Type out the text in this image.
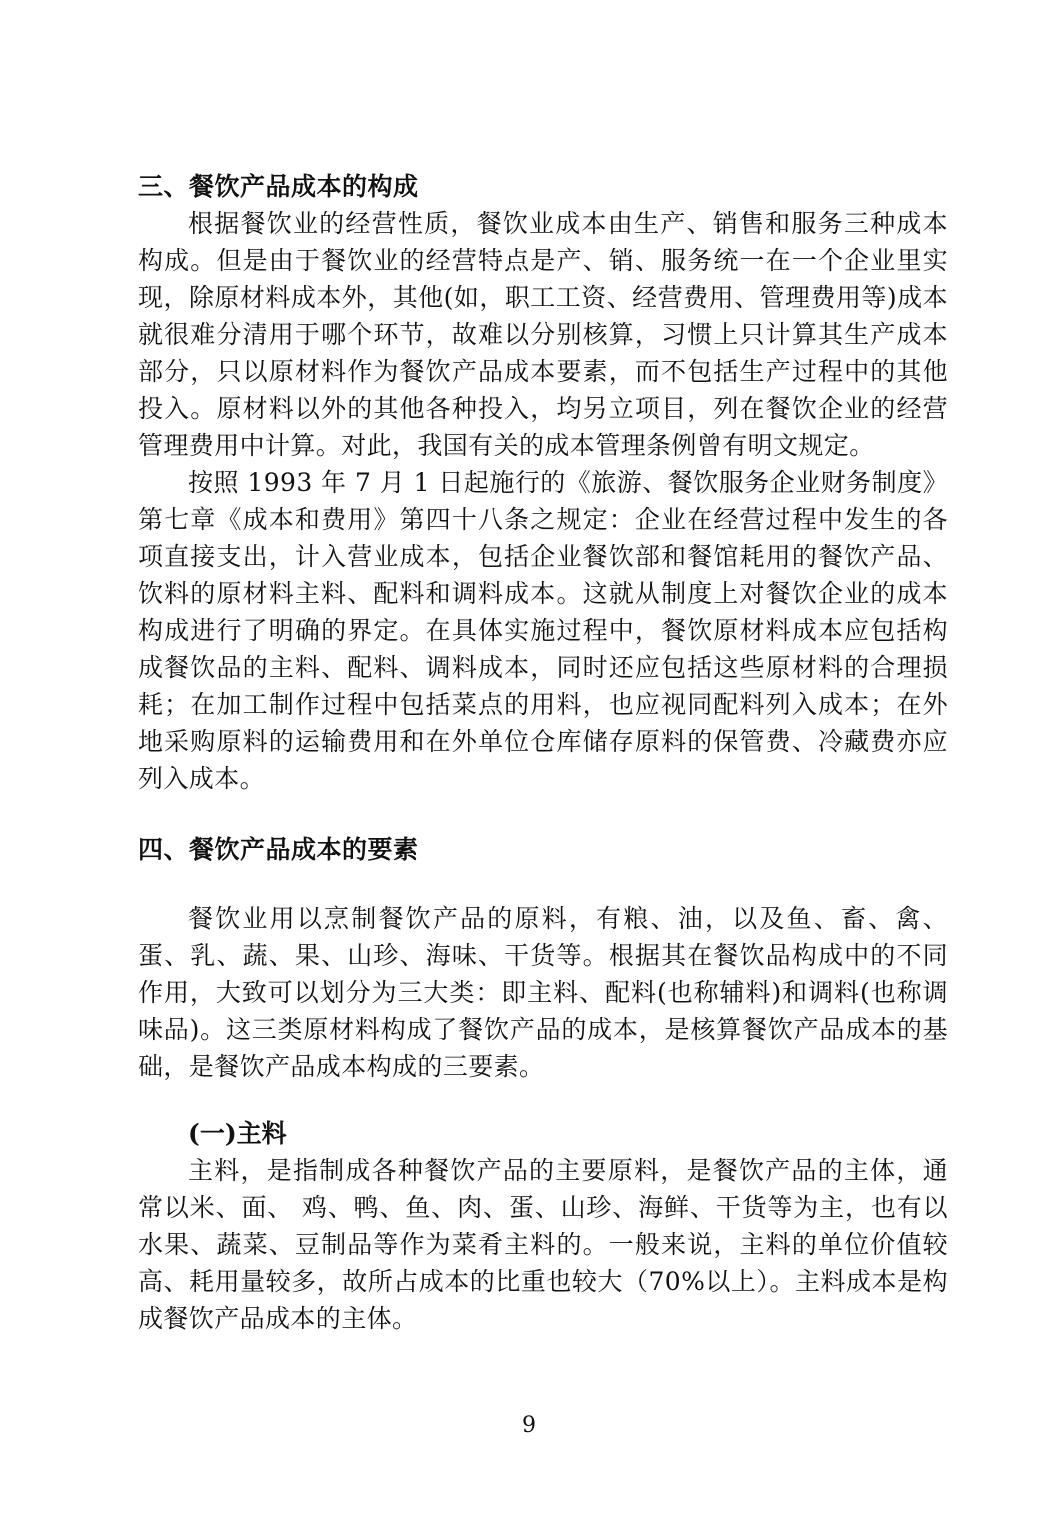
三、餐饮产品成本的构成

根据餐饮业的经营性质，餐饮业成本由生产、销售和服务三种成本构成。但是由于餐饮业的经营特点是产、销、服务统一在一个企业里实现，除原材料成本外，其他(如，职工工资、经营费用、管理费用等)成本就很难分清用于哪个环节，故难以分别核算，习惯上只计算其生产成本部分，只以原材料作为餐饮产品成本要素，而不包括生产过程中的其他投入。原材料以外的其他各种投入，均另立项目，列在餐饮企业的经营管理费用中计算。对此，我国有关的成本管理条例曾有明文规定。

按照 1993 年 7 月 1 日起施行的《旅游、餐饮服务企业财务制度》第七章《成本和费用》第四十八条之规定：企业在经营过程中发生的各项直接支出，计入营业成本，包括企业餐饮部和餐馆耗用的餐饮产品、饮料的原材料主料、配料和调料成本。这就从制度上对餐饮企业的成本构成进行了明确的界定。在具体实施过程中，餐饮原材料成本应包括构成餐饮品的主料、配料、调料成本，同时还应包括这些原材料的合理损耗；在加工制作过程中包括菜点的用料，也应视同配料列入成本；在外地采购原料的运输费用和在外单位仓库储存原料的保管费、冷藏费亦应列入成本。

四、餐饮产品成本的要素

餐饮业用以烹制餐饮产品的原料，有粮、油，以及鱼、畜、禽、蛋、乳、蔬、果、山珍、海味、干货等。根据其在餐饮品构成中的不同作用，大致可以划分为三大类：即主料、配料(也称辅料)和调料(也称调味品)。这三类原材料构成了餐饮产品的成本，是核算餐饮产品成本的基础，是餐饮产品成本构成的三要素。

(一)主料

主料，是指制成各种餐饮产品的主要原料，是餐饮产品的主体，通常以米、面、 鸡、鸭、鱼、肉、蛋、山珍、海鲜、干货等为主，也有以水果、蔬菜、豆制品等作为菜肴主料的。一般来说，主料的单位价值较高、耗用量较多，故所占成本的比重也较大（70%以上）。主料成本是构成餐饮产品成本的主体。

9
